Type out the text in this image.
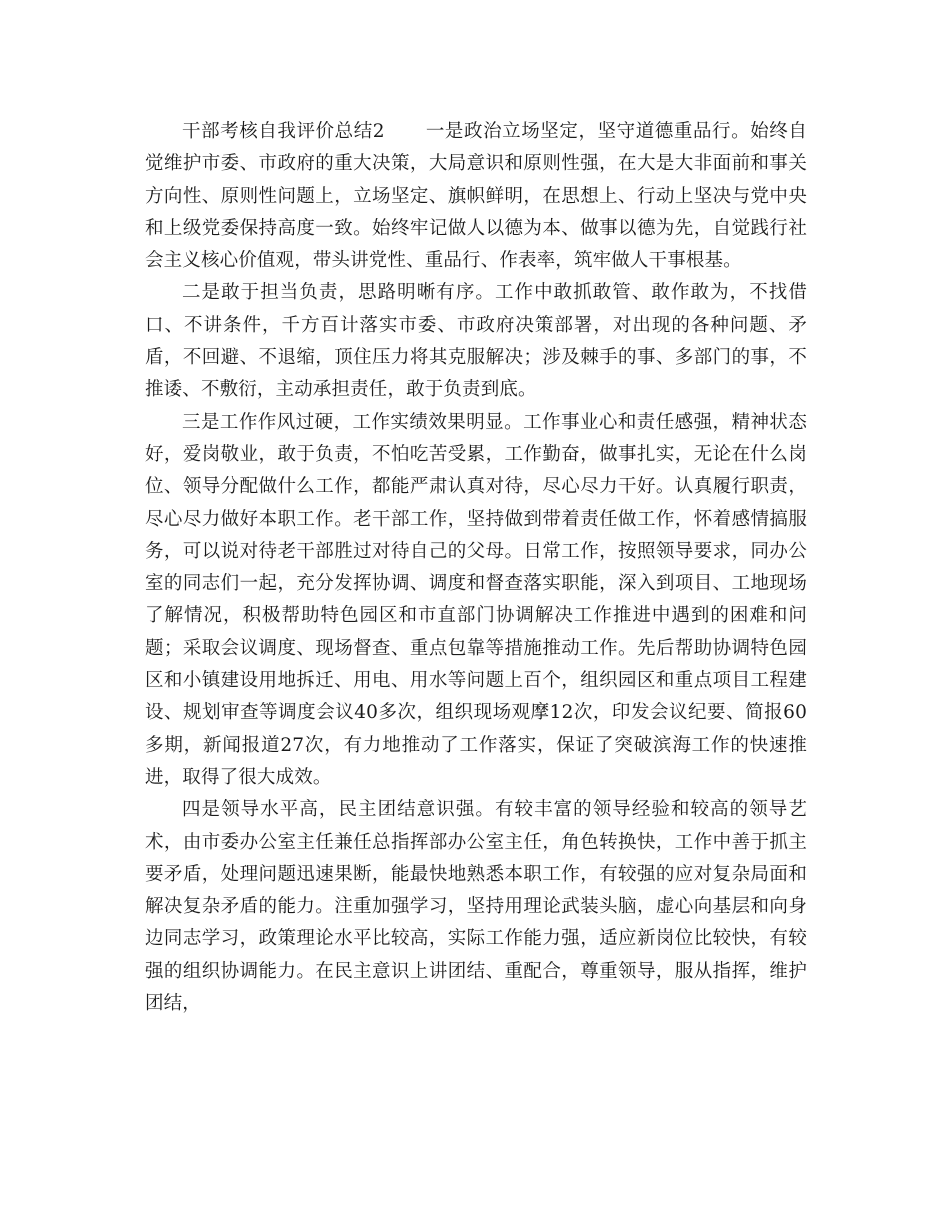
干部考核自我评价总结2 一是政治立场坚定，坚守道德重品行。始终自觉维护市委、市政府的重大决策，大局意识和原则性强，在大是大非面前和事关方向性、原则性问题上，立场坚定、旗帜鲜明，在思想上、行动上坚决与党中央和上级党委保持高度一致。始终牢记做人以德为本、做事以德为先，自觉践行社会主义核心价值观，带头讲党性、重品行、作表率，筑牢做人干事根基。

二是敢于担当负责，思路明晰有序。工作中敢抓敢管、敢作敢为，不找借口、不讲条件，千方百计落实市委、市政府决策部署，对出现的各种问题、矛盾，不回避、不退缩，顶住压力将其克服解决；涉及棘手的事、多部门的事，不推诿、不敷衍，主动承担责任，敢于负责到底。

三是工作作风过硬，工作实绩效果明显。工作事业心和责任感强，精神状态好，爱岗敬业，敢于负责，不怕吃苦受累，工作勤奋，做事扎实，无论在什么岗位、领导分配做什么工作，都能严肃认真对待，尽心尽力干好。认真履行职责，尽心尽力做好本职工作。老干部工作，坚持做到带着责任做工作，怀着感情搞服务，可以说对待老干部胜过对待自己的父母。日常工作，按照领导要求，同办公室的同志们一起，充分发挥协调、调度和督查落实职能，深入到项目、工地现场了解情况，积极帮助特色园区和市直部门协调解决工作推进中遇到的困难和问题；采取会议调度、现场督查、重点包靠等措施推动工作。先后帮助协调特色园区和小镇建设用地拆迁、用电、用水等问题上百个，组织园区和重点项目工程建设、规划审查等调度会议40多次，组织现场观摩12次，印发会议纪要、简报60多期，新闻报道27次，有力地推动了工作落实，保证了突破滨海工作的快速推进，取得了很大成效。

四是领导水平高，民主团结意识强。有较丰富的领导经验和较高的领导艺术，由市委办公室主任兼任总指挥部办公室主任，角色转换快，工作中善于抓主要矛盾，处理问题迅速果断，能最快地熟悉本职工作，有较强的应对复杂局面和解决复杂矛盾的能力。注重加强学习，坚持用理论武装头脑，虚心向基层和向身边同志学习，政策理论水平比较高，实际工作能力强，适应新岗位比较快，有较强的组织协调能力。在民主意识上讲团结、重配合，尊重领导，服从指挥，维护团结，
